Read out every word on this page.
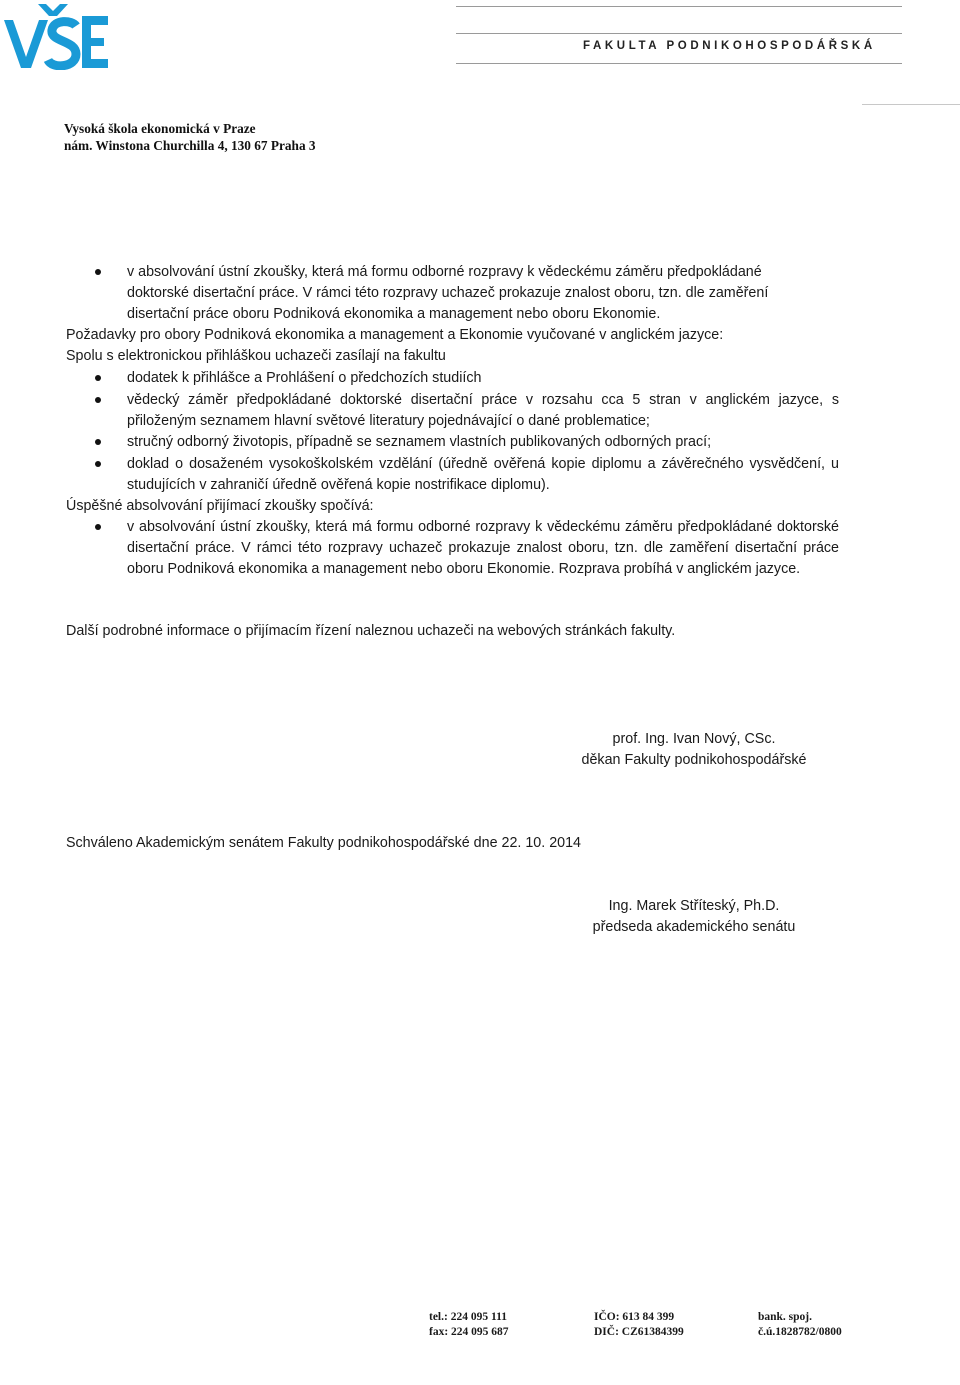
FAKULTA PODNIKOHOSPODÁŘSKÁ
Vysoká škola ekonomická v Praze
nám. Winstona Churchilla 4, 130 67 Praha 3
v absolvování ústní zkoušky, která má formu odborné rozpravy k vědeckému záměru předpokládané
doktorské disertační práce. V rámci této rozpravy uchazeč prokazuje znalost oboru, tzn. dle zaměření
disertační práce oboru Podniková ekonomika a management nebo oboru Ekonomie.
Požadavky pro obory Podniková ekonomika a management a Ekonomie vyučované v anglickém jazyce:
Spolu s elektronickou přihláškou uchazeči zasílají na fakultu
dodatek k přihlášce a Prohlášení o předchozích studiích
vědecký záměr předpokládané doktorské disertační práce v rozsahu cca 5 stran v anglickém jazyce, s přiloženým seznamem hlavní světové literatury pojednávající o dané problematice;
stručný odborný životopis, případně se seznamem vlastních publikovaných odborných prací;
doklad o dosaženém vysokoškolském vzdělání (úředně ověřená kopie diplomu a závěrečného vysvědčení, u studujících v zahraničí úředně ověřená kopie nostrifikace diplomu).
Úspěšné absolvování přijímací zkoušky spočívá:
v absolvování ústní zkoušky, která má formu odborné rozpravy k vědeckému záměru předpokládané doktorské disertační práce. V rámci této rozpravy uchazeč prokazuje znalost oboru, tzn. dle zaměření disertační práce oboru Podniková ekonomika a management nebo oboru Ekonomie. Rozprava probíhá v anglickém jazyce.
Další podrobné informace o přijímacím řízení naleznou uchazeči na webových stránkách fakulty.
prof. Ing. Ivan Nový, CSc.
děkan Fakulty podnikohospodářské
Schváleno Akademickým senátem Fakulty podnikohospodářské dne 22. 10. 2014
Ing. Marek Stříteský, Ph.D.
předseda akademického senátu
tel.: 224 095 111
fax: 224 095 687
IČO: 613 84 399
DIČ: CZ61384399
bank. spoj.
č.ú.1828782/0800
